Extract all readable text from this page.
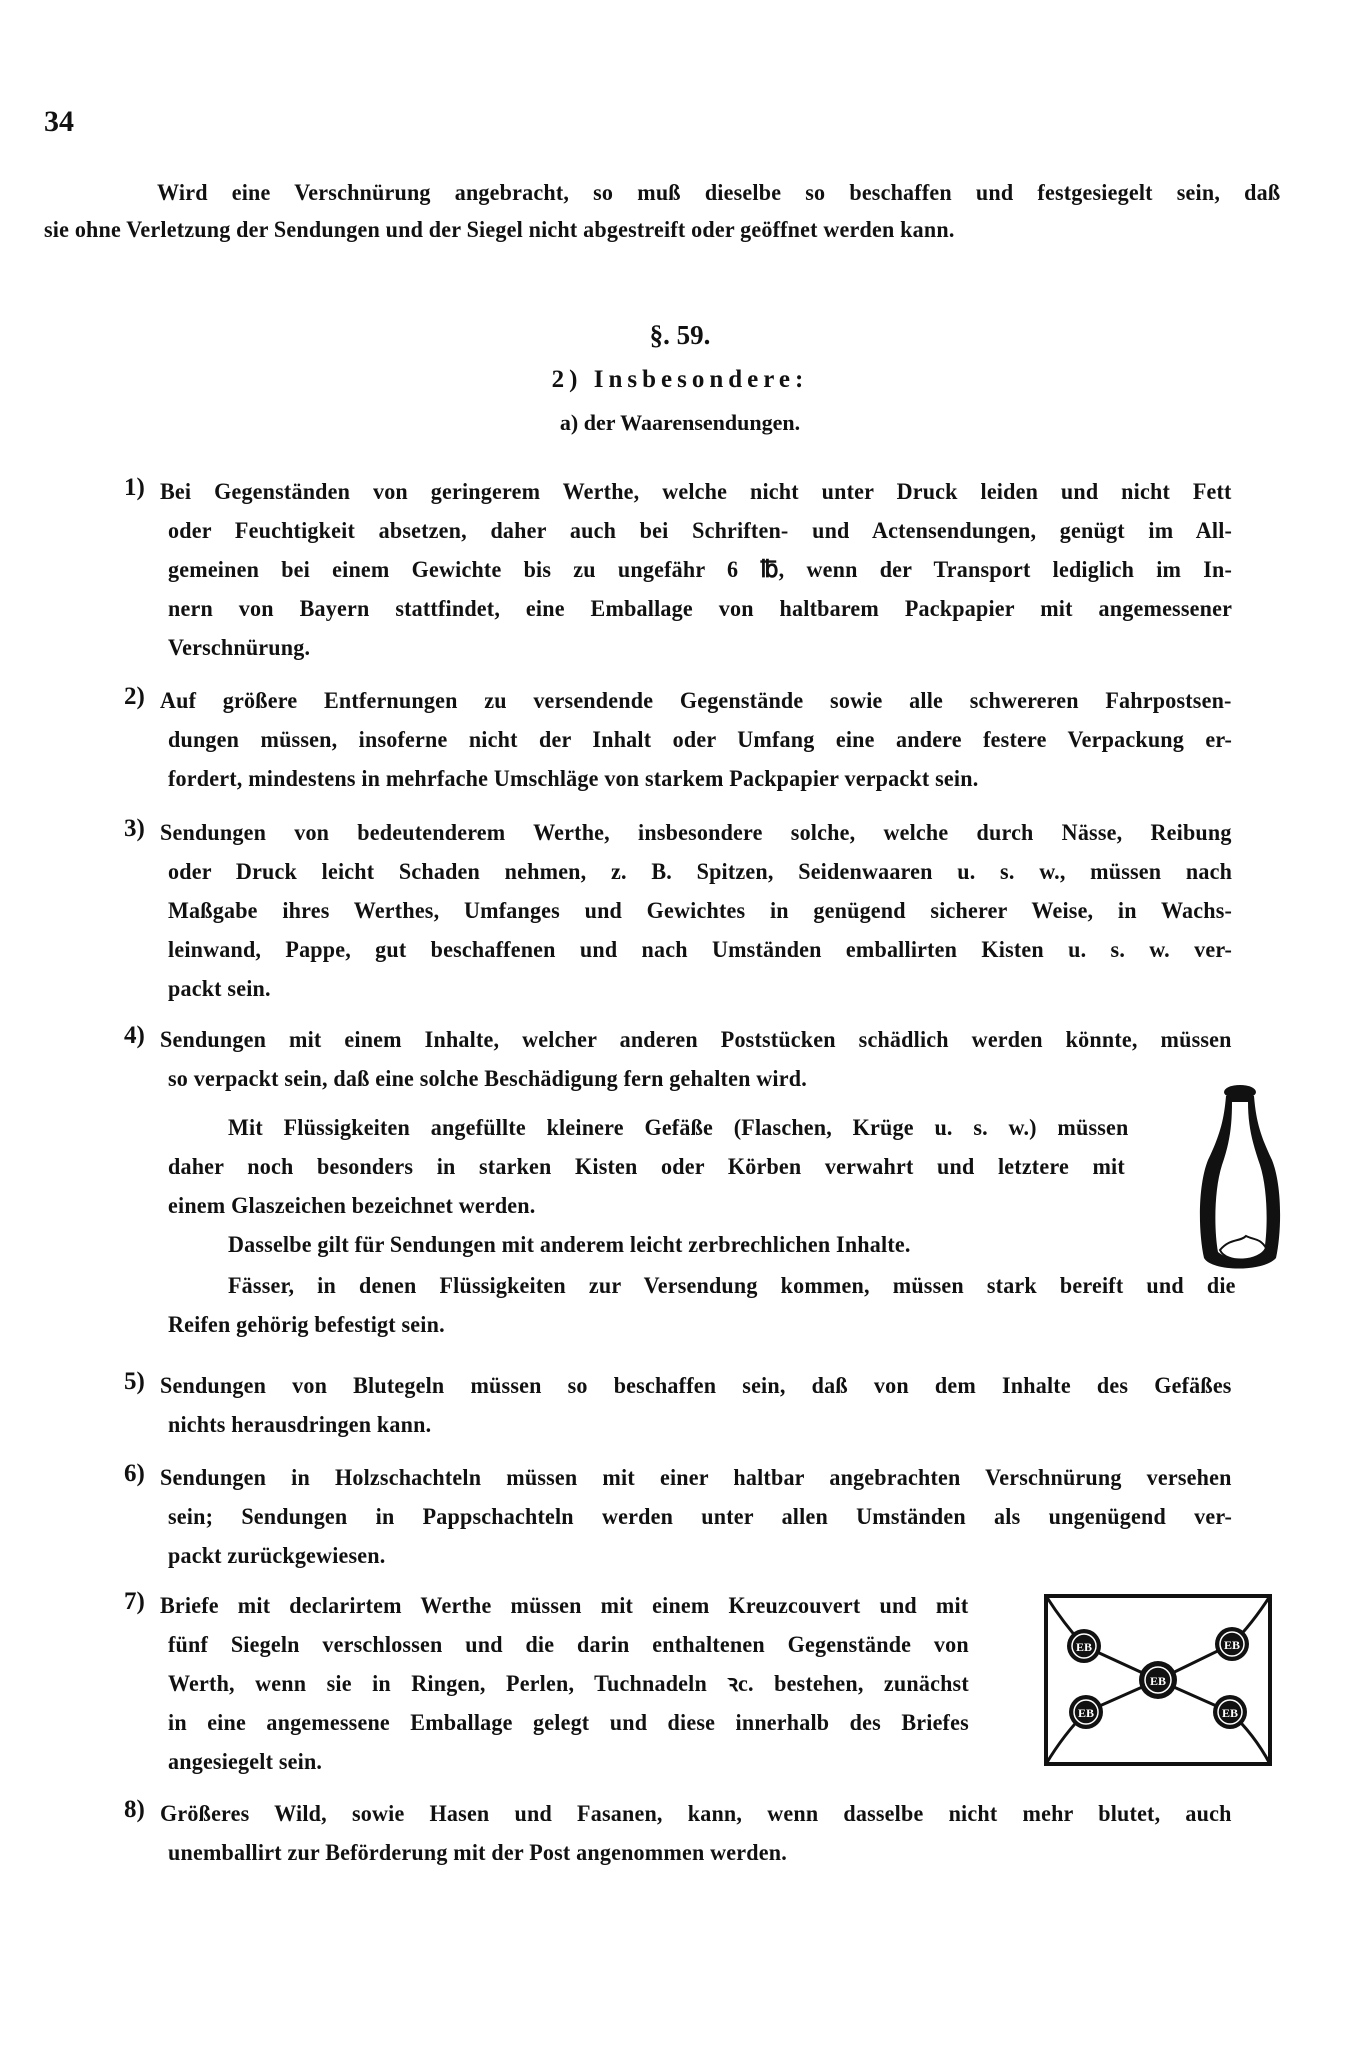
34
Wird eine Verschnürung angebracht, so muß dieselbe so beschaffen und festgesiegelt sein, daß
sie ohne Verletzung der Sendungen und der Siegel nicht abgestreift oder geöffnet werden kann.
§. 59.
2) Insbesondere:
a) der Waarensendungen.
1) Bei Gegenständen von geringerem Werthe, welche nicht unter Druck leiden und nicht Fett
oder Feuchtigkeit absetzen, daher auch bei Schriften- und Actensendungen, genügt im All-
gemeinen bei einem Gewichte bis zu ungefähr 6 ℔, wenn der Transport lediglich im In-
nern von Bayern stattfindet, eine Emballage von haltbarem Packpapier mit angemessener
Verschnürung.
2) Auf größere Entfernungen zu versendende Gegenstände sowie alle schwereren Fahrpostsen-
dungen müssen, insoferne nicht der Inhalt oder Umfang eine andere festere Verpackung er-
fordert, mindestens in mehrfache Umschläge von starkem Packpapier verpackt sein.
3) Sendungen von bedeutenderem Werthe, insbesondere solche, welche durch Nässe, Reibung
oder Druck leicht Schaden nehmen, z. B. Spitzen, Seidenwaaren u. s. w., müssen nach
Maßgabe ihres Werthes, Umfanges und Gewichtes in genügend sicherer Weise, in Wachs-
leinwand, Pappe, gut beschaffenen und nach Umständen emballirten Kisten u. s. w. ver-
packt sein.
4) Sendungen mit einem Inhalte, welcher anderen Poststücken schädlich werden könnte, müssen
so verpackt sein, daß eine solche Beschädigung fern gehalten wird.
Mit Flüssigkeiten angefüllte kleinere Gefäße (Flaschen, Krüge u. s. w.) müssen
daher noch besonders in starken Kisten oder Körben verwahrt und letztere mit
einem Glaszeichen bezeichnet werden.
Dasselbe gilt für Sendungen mit anderem leicht zerbrechlichen Inhalte.
Fässer, in denen Flüssigkeiten zur Versendung kommen, müssen stark bereift und die
Reifen gehörig befestigt sein.
5) Sendungen von Blutegeln müssen so beschaffen sein, daß von dem Inhalte des Gefäßes
nichts herausdringen kann.
6) Sendungen in Holzschachteln müssen mit einer haltbar angebrachten Verschnürung versehen
sein; Sendungen in Pappschachteln werden unter allen Umständen als ungenügend ver-
packt zurückgewiesen.
7) Briefe mit declarirtem Werthe müssen mit einem Kreuzcouvert und mit
fünf Siegeln verschlossen und die darin enthaltenen Gegenstände von
Werth, wenn sie in Ringen, Perlen, Tuchnadeln ꝛc. bestehen, zunächst
in eine angemessene Emballage gelegt und diese innerhalb des Briefes
angesiegelt sein.
EB	EB
EB
EB	EB
8) Größeres Wild, sowie Hasen und Fasanen, kann, wenn dasselbe nicht mehr blutet, auch
unemballirt zur Beförderung mit der Post angenommen werden.
